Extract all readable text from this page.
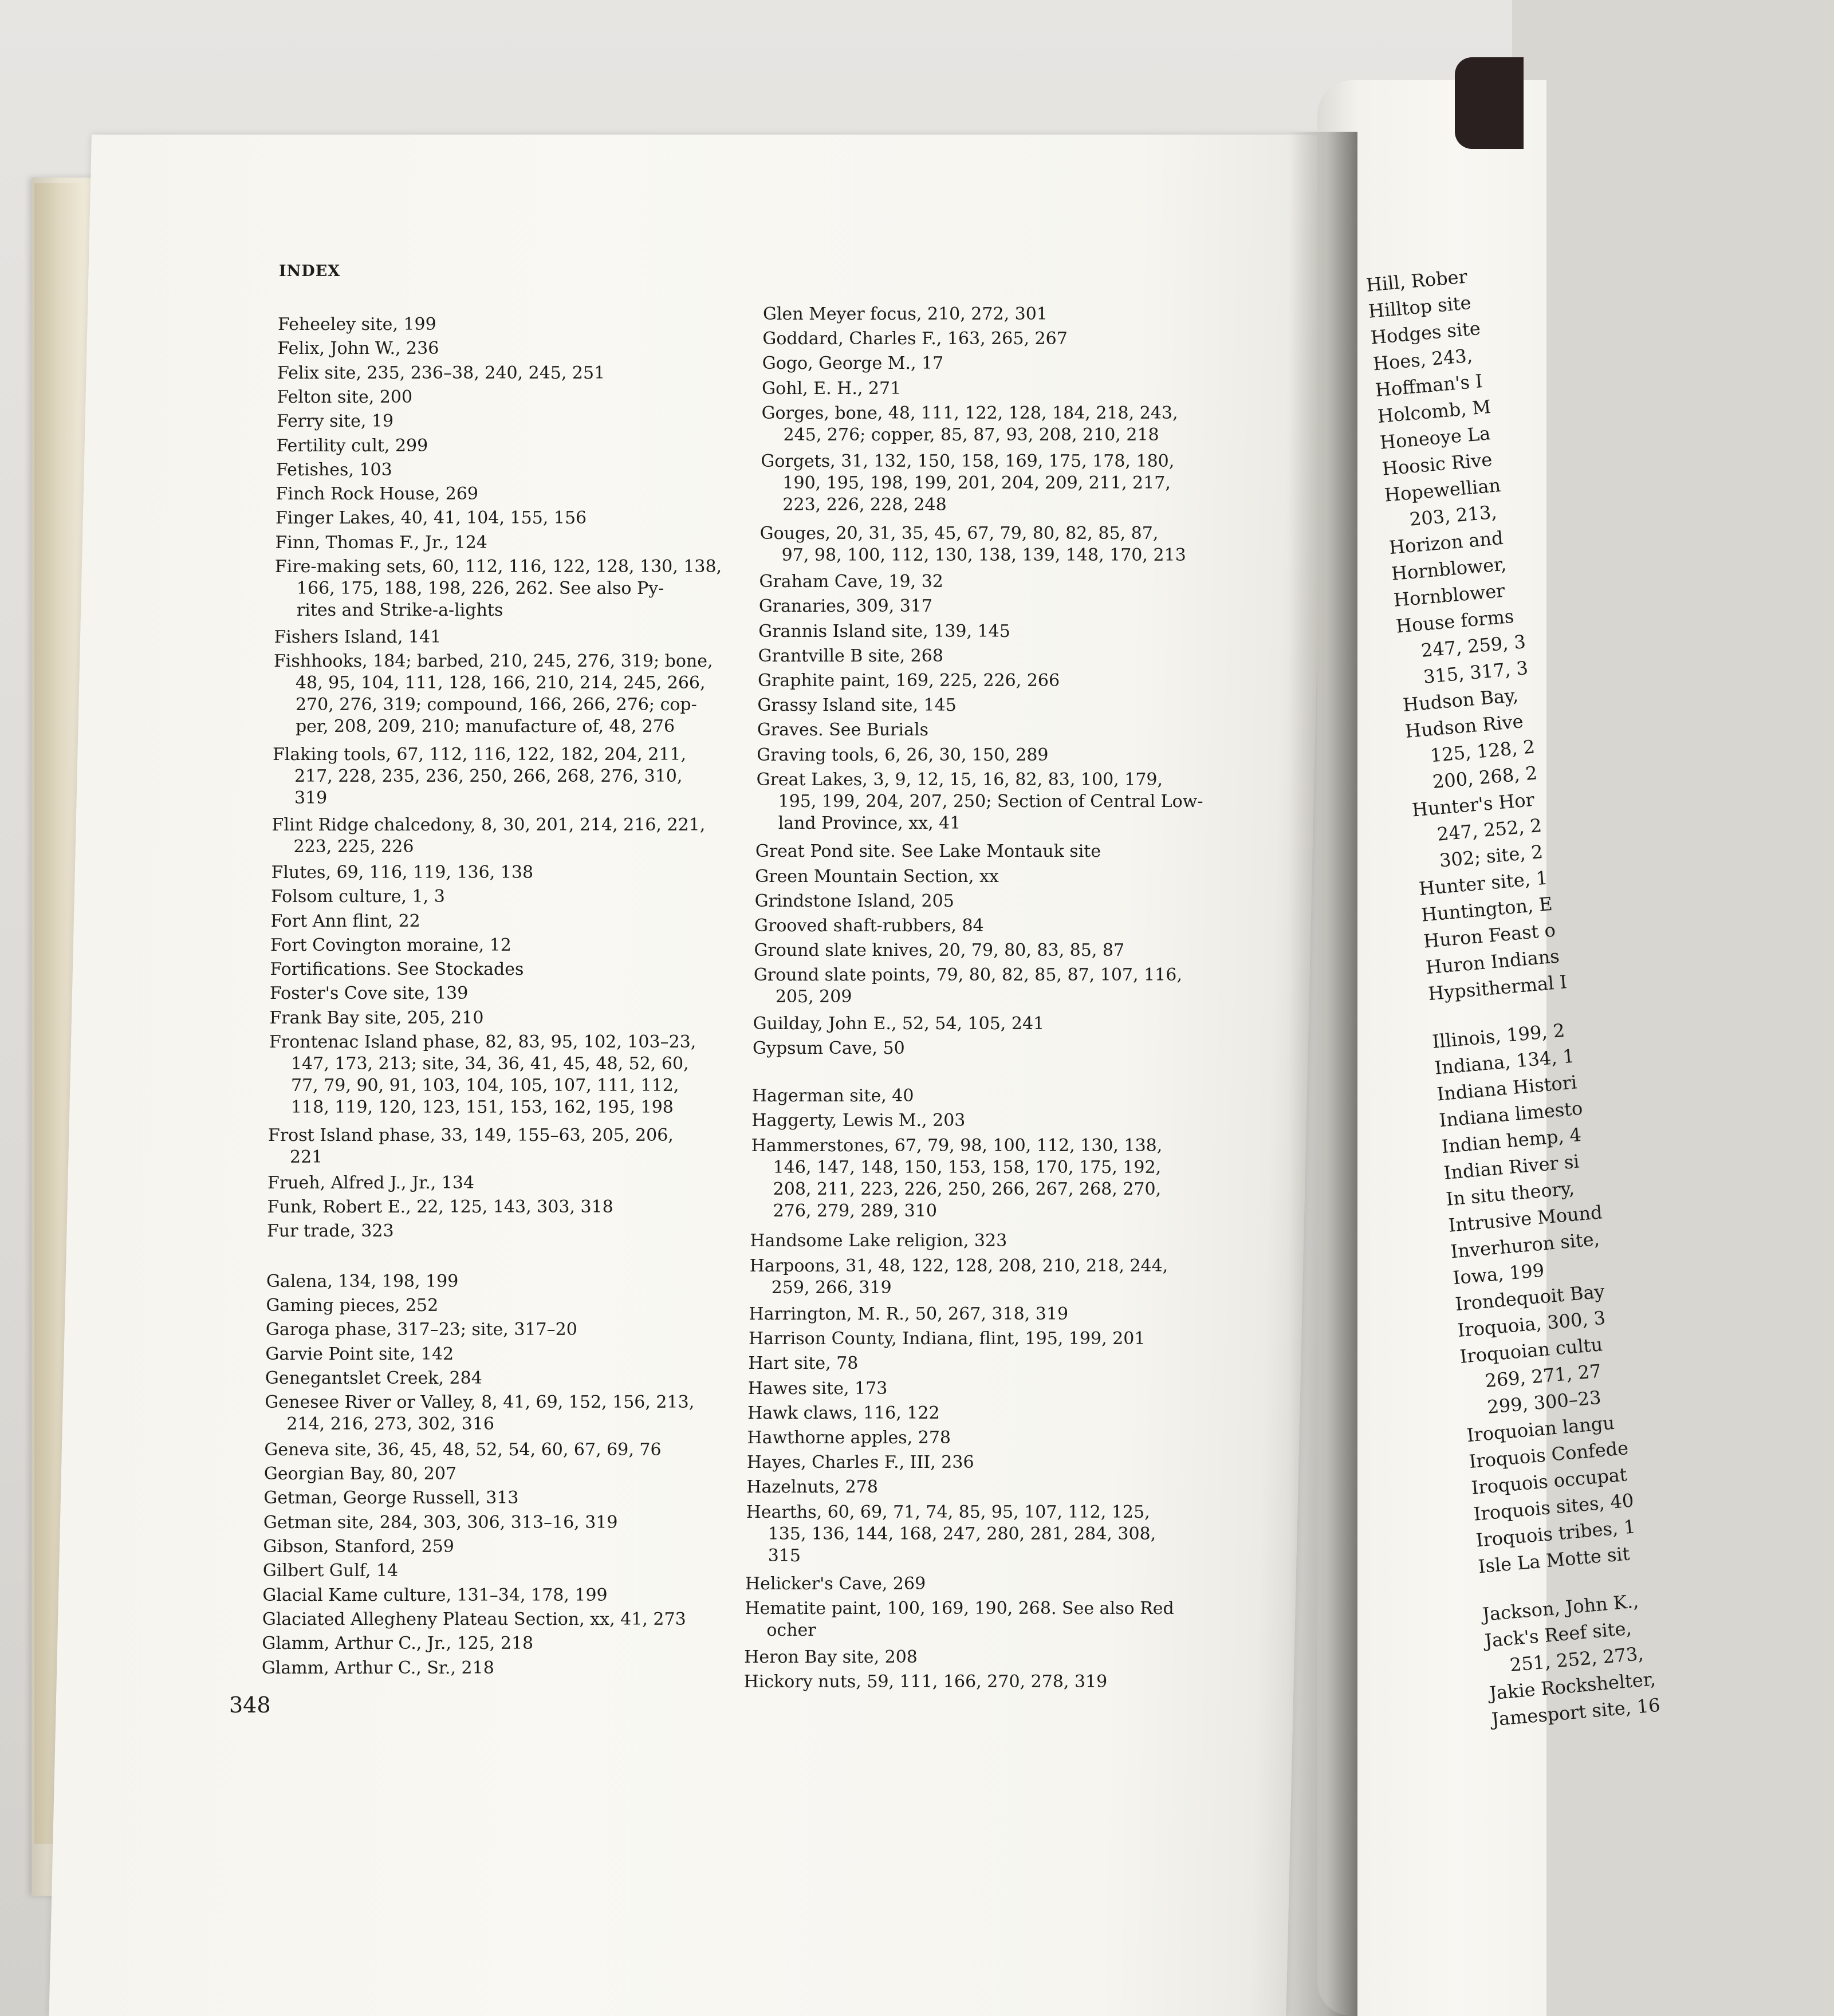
INDEX
Feheeley site, 199
Felix, John W., 236
Felix site, 235, 236–38, 240, 245, 251
Felton site, 200
Ferry site, 19
Fertility cult, 299
Fetishes, 103
Finch Rock House, 269
Finger Lakes, 40, 41, 104, 155, 156
Finn, Thomas F., Jr., 124
Fire-making sets, 60, 112, 116, 122, 128, 130, 138,
166, 175, 188, 198, 226, 262. See also Py-
rites and Strike-a-lights
Fishers Island, 141
Fishhooks, 184; barbed, 210, 245, 276, 319; bone,
48, 95, 104, 111, 128, 166, 210, 214, 245, 266,
270, 276, 319; compound, 166, 266, 276; cop-
per, 208, 209, 210; manufacture of, 48, 276
Flaking tools, 67, 112, 116, 122, 182, 204, 211,
217, 228, 235, 236, 250, 266, 268, 276, 310,
319
Flint Ridge chalcedony, 8, 30, 201, 214, 216, 221,
223, 225, 226
Flutes, 69, 116, 119, 136, 138
Folsom culture, 1, 3
Fort Ann flint, 22
Fort Covington moraine, 12
Fortifications. See Stockades
Foster's Cove site, 139
Frank Bay site, 205, 210
Frontenac Island phase, 82, 83, 95, 102, 103–23,
147, 173, 213; site, 34, 36, 41, 45, 48, 52, 60,
77, 79, 90, 91, 103, 104, 105, 107, 111, 112,
118, 119, 120, 123, 151, 153, 162, 195, 198
Frost Island phase, 33, 149, 155–63, 205, 206,
221
Frueh, Alfred J., Jr., 134
Funk, Robert E., 22, 125, 143, 303, 318
Fur trade, 323
Galena, 134, 198, 199
Gaming pieces, 252
Garoga phase, 317–23; site, 317–20
Garvie Point site, 142
Genegantslet Creek, 284
Genesee River or Valley, 8, 41, 69, 152, 156, 213,
214, 216, 273, 302, 316
Geneva site, 36, 45, 48, 52, 54, 60, 67, 69, 76
Georgian Bay, 80, 207
Getman, George Russell, 313
Getman site, 284, 303, 306, 313–16, 319
Gibson, Stanford, 259
Gilbert Gulf, 14
Glacial Kame culture, 131–34, 178, 199
Glaciated Allegheny Plateau Section, xx, 41, 273
Glamm, Arthur C., Jr., 125, 218
Glamm, Arthur C., Sr., 218
Glen Meyer focus, 210, 272, 301
Goddard, Charles F., 163, 265, 267
Gogo, George M., 17
Gohl, E. H., 271
Gorges, bone, 48, 111, 122, 128, 184, 218, 243,
245, 276; copper, 85, 87, 93, 208, 210, 218
Gorgets, 31, 132, 150, 158, 169, 175, 178, 180,
190, 195, 198, 199, 201, 204, 209, 211, 217,
223, 226, 228, 248
Gouges, 20, 31, 35, 45, 67, 79, 80, 82, 85, 87,
97, 98, 100, 112, 130, 138, 139, 148, 170, 213
Graham Cave, 19, 32
Granaries, 309, 317
Grannis Island site, 139, 145
Grantville B site, 268
Graphite paint, 169, 225, 226, 266
Grassy Island site, 145
Graves. See Burials
Graving tools, 6, 26, 30, 150, 289
Great Lakes, 3, 9, 12, 15, 16, 82, 83, 100, 179,
195, 199, 204, 207, 250; Section of Central Low-
land Province, xx, 41
Great Pond site. See Lake Montauk site
Green Mountain Section, xx
Grindstone Island, 205
Grooved shaft-rubbers, 84
Ground slate knives, 20, 79, 80, 83, 85, 87
Ground slate points, 79, 80, 82, 85, 87, 107, 116,
205, 209
Guilday, John E., 52, 54, 105, 241
Gypsum Cave, 50
Hagerman site, 40
Haggerty, Lewis M., 203
Hammerstones, 67, 79, 98, 100, 112, 130, 138,
146, 147, 148, 150, 153, 158, 170, 175, 192,
208, 211, 223, 226, 250, 266, 267, 268, 270,
276, 279, 289, 310
Handsome Lake religion, 323
Harpoons, 31, 48, 122, 128, 208, 210, 218, 244,
259, 266, 319
Harrington, M. R., 50, 267, 318, 319
Harrison County, Indiana, flint, 195, 199, 201
Hart site, 78
Hawes site, 173
Hawk claws, 116, 122
Hawthorne apples, 278
Hayes, Charles F., III, 236
Hazelnuts, 278
Hearths, 60, 69, 71, 74, 85, 95, 107, 112, 125,
135, 136, 144, 168, 247, 280, 281, 284, 308,
315
Helicker's Cave, 269
Hematite paint, 100, 169, 190, 268. See also Red
ocher
Heron Bay site, 208
Hickory nuts, 59, 111, 166, 270, 278, 319
Hill, Rober
Hilltop site
Hodges site
Hoes, 243,
Hoffman's I
Holcomb, M
Honeoye La
Hoosic Rive
Hopewellian
203, 213,
Horizon and
Hornblower,
Hornblower
House forms
247, 259, 3
315, 317, 3
Hudson Bay,
Hudson Rive
125, 128, 2
200, 268, 2
Hunter's Hor
247, 252, 2
302; site, 2
Hunter site, 1
Huntington, E
Huron Feast o
Huron Indians
Hypsithermal I
Illinois, 199, 2
Indiana, 134, 1
Indiana Histori
Indiana limesto
Indian hemp, 4
Indian River si
In situ theory,
Intrusive Mound
Inverhuron site,
Iowa, 199
Irondequoit Bay
Iroquoia, 300, 3
Iroquoian cultu
269, 271, 27
299, 300–23
Iroquoian langu
Iroquois Confede
Iroquois occupat
Iroquois sites, 40
Iroquois tribes, 1
Isle La Motte sit
Jackson, John K.,
Jack's Reef site,
251, 252, 273,
Jakie Rockshelter,
Jamesport site, 16
348
